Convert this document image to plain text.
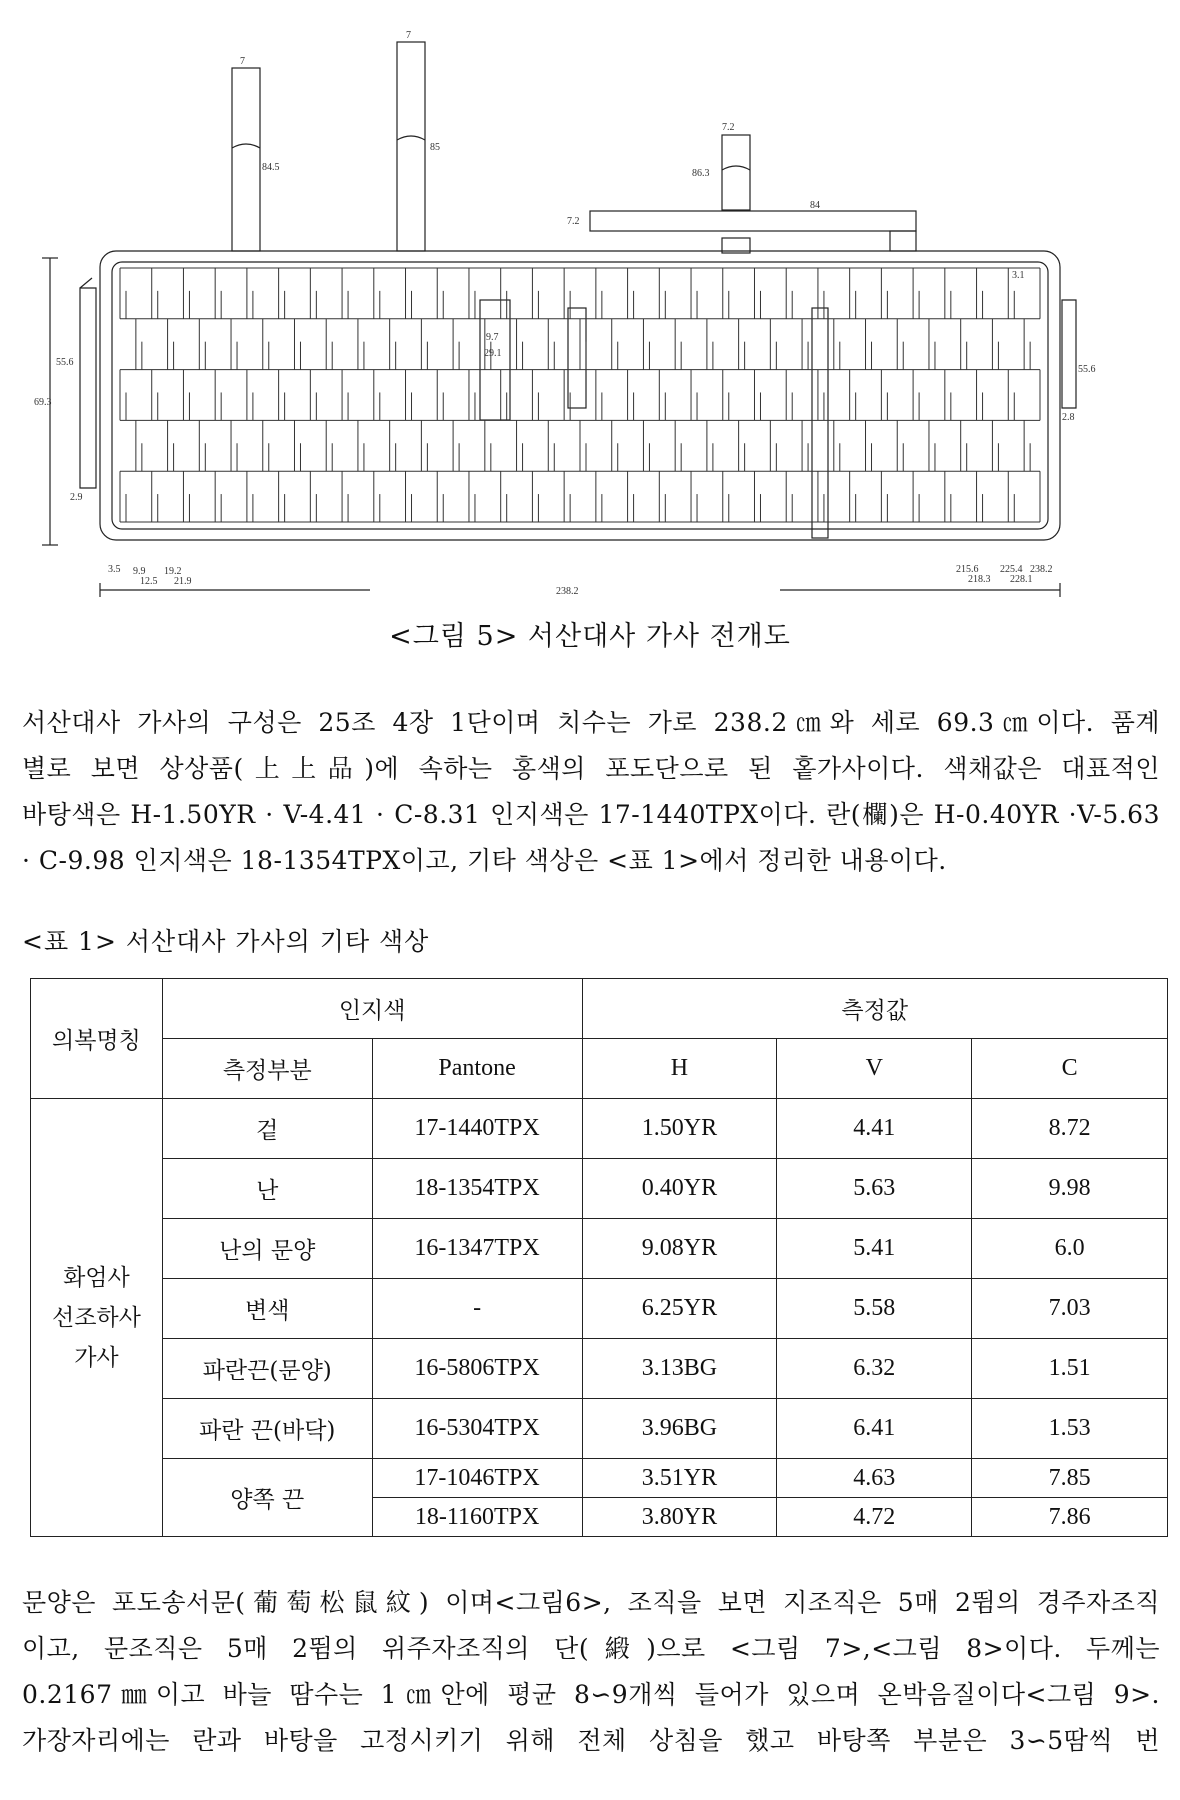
7
84.5
7
85
7.2
86.3
7.2
84
69.3
55.6
2.9
55.6
2.8
9.7
29.1
3.1
238.2
3.5 9.9
12.5
19.2
21.9
215.6
218.3
225.4
228.1
238.2
<그림 5> 서산대사 가사 전개도
서산대사 가사의 구성은 25조 4장 1단이며 치수는 가로 238.2㎝와 세로 69.3㎝이다. 품계
별로 보면 상상품(上上品)에 속하는 홍색의 포도단으로 된 홑가사이다. 색채값은 대표적인
바탕색은 H-1.50YR · V-4.41 · C-8.31 인지색은 17-1440TPX이다. 란(欄)은 H-0.40YR ·V-5.63
· C-9.98 인지색은 18-1354TPX이고, 기타 색상은 <표 1>에서 정리한 내용이다.
<표 1> 서산대사 가사의 기타 색상
의복명칭	인지색		측정값		
	측정부분	Pantone	H	V	C

화엄사
선조하사
가사	겉	17-1440TPX	1.50YR	4.41	8.72
	난	18-1354TPX	0.40YR	5.63	9.98
	난의 문양	16-1347TPX	9.08YR	5.41	6.0
	변색	-	6.25YR	5.58	7.03
	파란끈(문양)	16-5806TPX	3.13BG	6.32	1.51
	파란 끈(바닥)	16-5304TPX	3.96BG	6.41	1.53
	양쪽 끈	17-1046TPX	3.51YR	4.63	7.85
		18-1160TPX	3.80YR	4.72	7.86
문양은 포도송서문(葡萄松鼠紋) 이며<그림6>, 조직을 보면 지조직은 5매 2뜀의 경주자조직
이고, 문조직은 5매 2뜀의 위주자조직의 단(緞)으로 <그림 7>,<그림 8>이다. 두께는
0.2167㎜이고 바늘 땀수는 1㎝안에 평균 8∽9개씩 들어가 있으며 온박음질이다<그림 9>.
가장자리에는 란과 바탕을 고정시키기 위해 전체 상침을 했고 바탕쪽 부분은 3∽5땀씩 번
